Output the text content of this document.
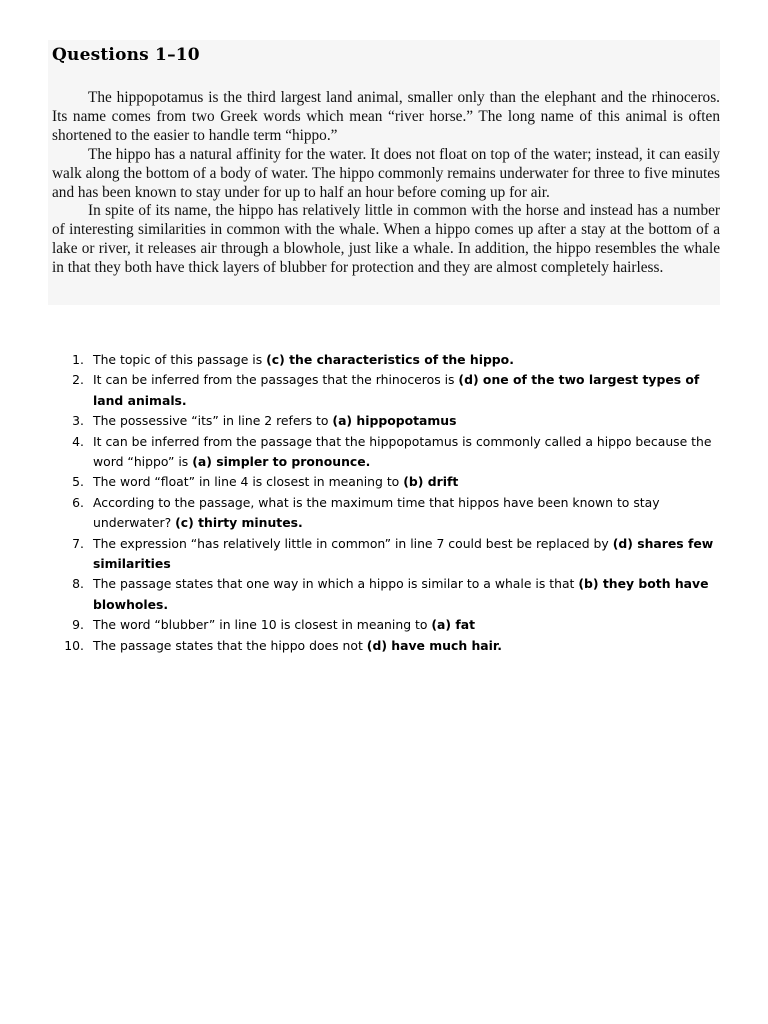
Questions 1–10

The hippopotamus is the third largest land animal, smaller only than the elephant and the rhinoceros. Its name comes from two Greek words which mean “river horse.” The long name of this animal is often shortened to the easier to handle term “hippo.”

The hippo has a natural affinity for the water. It does not float on top of the water; instead, it can easily walk along the bottom of a body of water. The hippo commonly remains underwater for three to five minutes and has been known to stay under for up to half an hour before coming up for air.

In spite of its name, the hippo has relatively little in common with the horse and instead has a number of interesting similarities in common with the whale. When a hippo comes up after a stay at the bottom of a lake or river, it releases air through a blowhole, just like a whale. In addition, the hippo resembles the whale in that they both have thick layers of blubber for protection and they are almost completely hairless.

1. The topic of this passage is (c) the characteristics of the hippo.
2. It can be inferred from the passages that the rhinoceros is (d) one of the two largest types of land animals.
3. The possessive “its” in line 2 refers to (a) hippopotamus
4. It can be inferred from the passage that the hippopotamus is commonly called a hippo because the word “hippo” is (a) simpler to pronounce.
5. The word “float” in line 4 is closest in meaning to (b) drift
6. According to the passage, what is the maximum time that hippos have been known to stay underwater? (c) thirty minutes.
7. The expression “has relatively little in common” in line 7 could best be replaced by (d) shares few similarities
8. The passage states that one way in which a hippo is similar to a whale is that (b) they both have blowholes.
9. The word “blubber” in line 10 is closest in meaning to (a) fat
10. The passage states that the hippo does not (d) have much hair.
